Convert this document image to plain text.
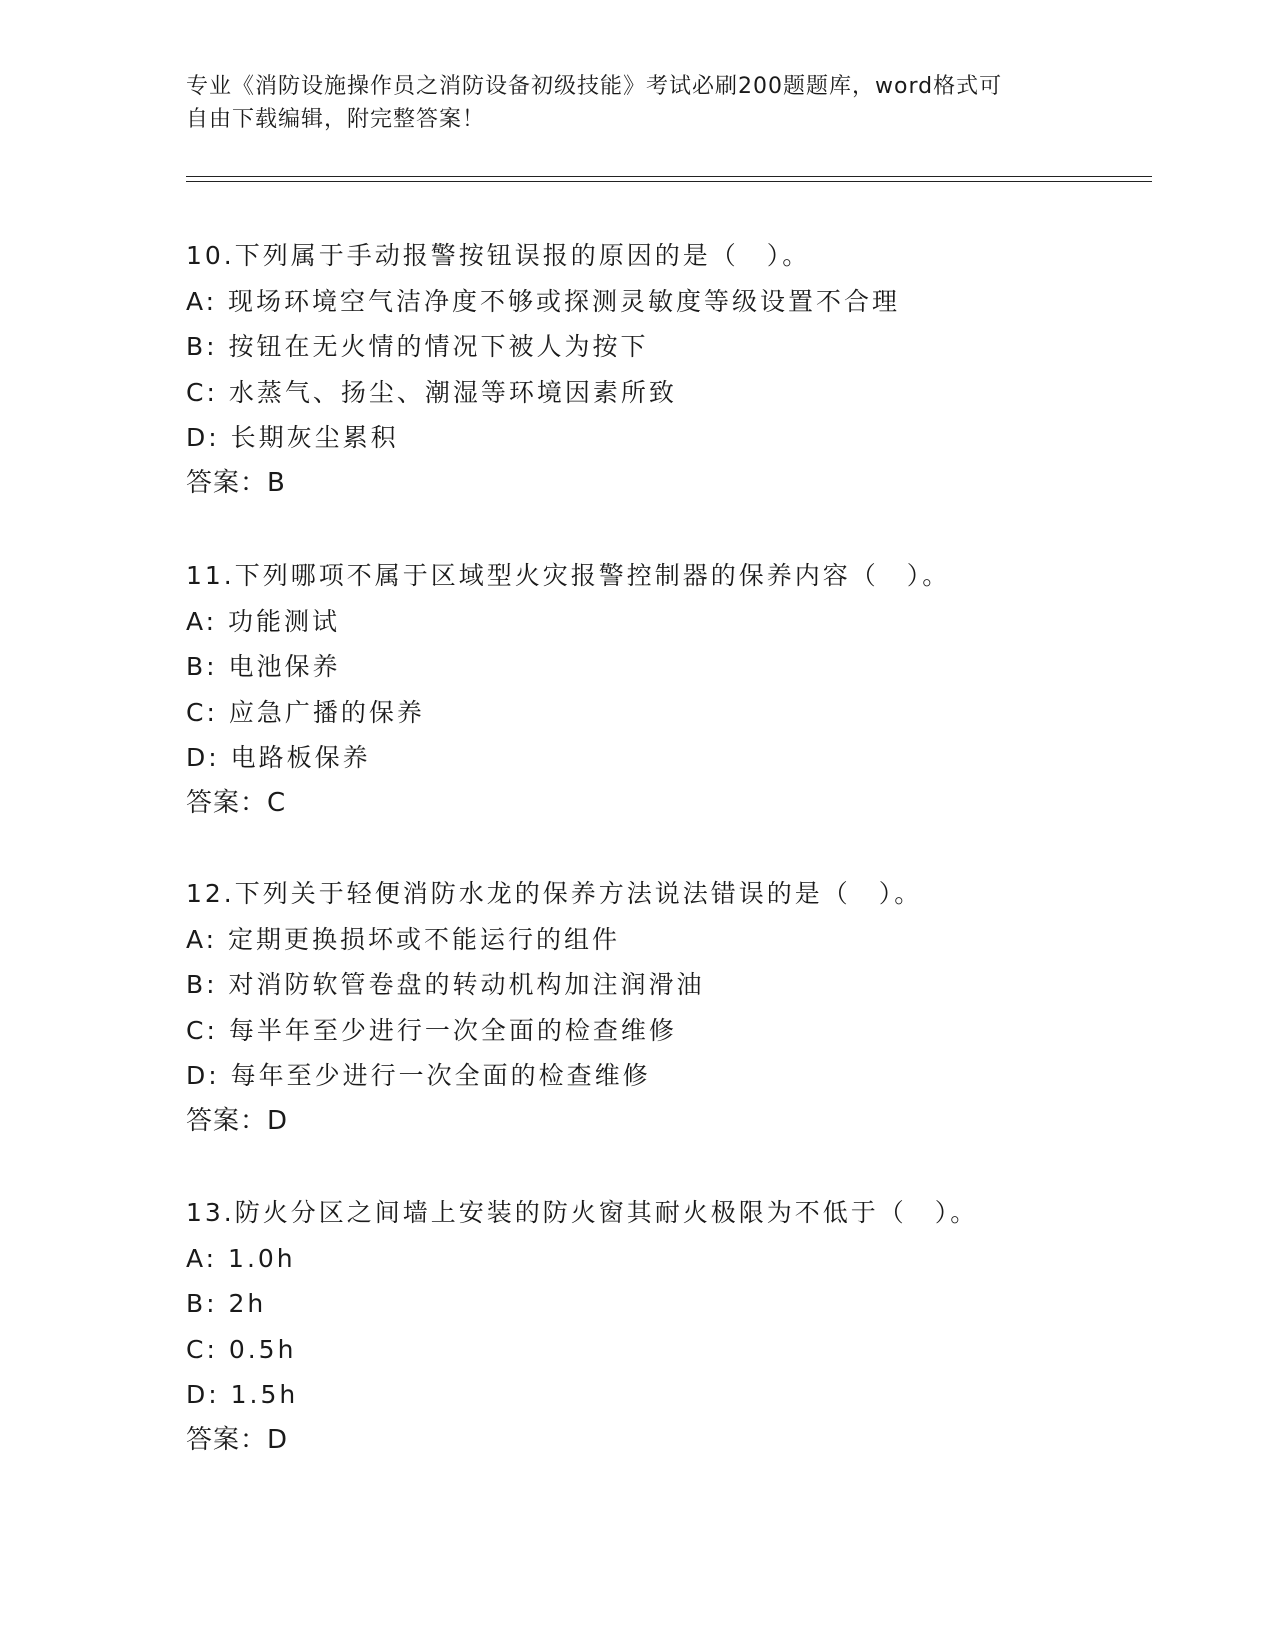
专业《消防设施操作员之消防设备初级技能》考试必刷200题题库，word格式可
自由下载编辑，附完整答案！
10.下列属于手动报警按钮误报的原因的是（　）。
A: 现场环境空气洁净度不够或探测灵敏度等级设置不合理
B: 按钮在无火情的情况下被人为按下
C: 水蒸气、扬尘、潮湿等环境因素所致
D: 长期灰尘累积
答案：B
11.下列哪项不属于区域型火灾报警控制器的保养内容（　）。
A: 功能测试
B: 电池保养
C: 应急广播的保养
D: 电路板保养
答案：C
12.下列关于轻便消防水龙的保养方法说法错误的是（　）。
A: 定期更换损坏或不能运行的组件
B: 对消防软管卷盘的转动机构加注润滑油
C: 每半年至少进行一次全面的检查维修
D: 每年至少进行一次全面的检查维修
答案：D
13.防火分区之间墙上安装的防火窗其耐火极限为不低于（　）。
A: 1.0h
B: 2h
C: 0.5h
D: 1.5h
答案：D
